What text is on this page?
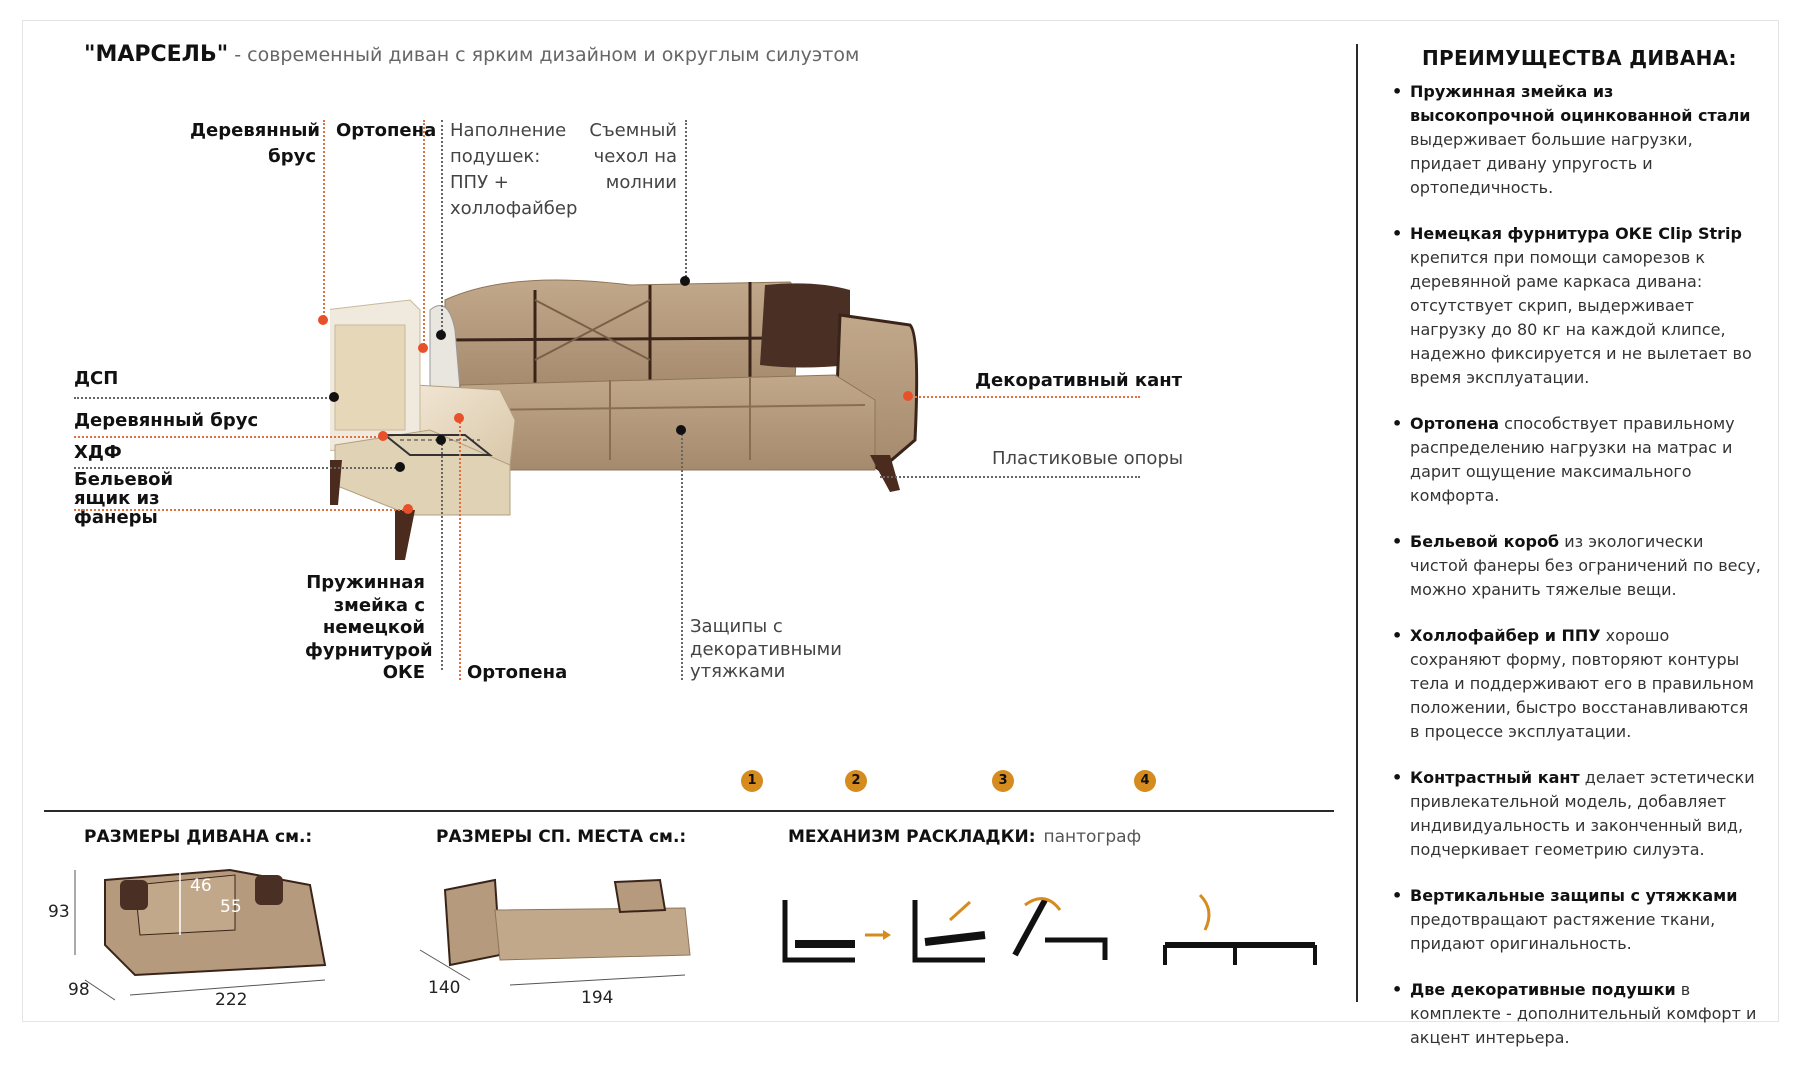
"МАРСЕЛЬ" - современный диван с ярким дизайном и округлым силуэтом
Деревянный брус
Ортопена Наполнение подушек: ППУ + холлофайбер
Съемный чехол на молнии
ДСП
Деревянный брус
ХДФ
Бельевой ящик из фанеры
Декоративный кант
Пластиковые опоры
Пружинная змейка с немецкой фурнитурой ОКЕ Ортопена
Защипы с декоративными утяжками
ПРЕИМУЩЕСТВА ДИВАНА:
• Пружинная змейка из высокопрочной оцинкованной стали выдерживает большие нагрузки, придает дивану упругость и ортопедичность.
• Немецкая фурнитура ОКЕ Clip Strip крепится при помощи саморезов к деревянной раме каркаса дивана: отсутствует скрип, выдерживает нагрузку до 80 кг на каждой клипсе, надежно фиксируется и не вылетает во время эксплуатации.
• Ортопена способствует правильному распределению нагрузки на матрас и дарит ощущение максимального комфорта.
• Бельевой короб из экологически чистой фанеры без ограничений по весу, можно хранить тяжелые вещи.
• Холлофайбер и ППУ хорошо сохраняют форму, повторяют контуры тела и поддерживают его в правильном положении, быстро восстанавливаются в процессе эксплуатации.
• Контрастный кант делает эстетически привлекательной модель, добавляет индивидуальность и законченный вид, подчеркивает геометрию силуэта.
• Вертикальные защипы с утяжками предотвращают растяжение ткани, придают оригинальность.
• Две декоративные подушки в комплекте - дополнительный комфорт и акцент интерьера.
РАЗМЕРЫ ДИВАНА см.:	РАЗМЕРЫ СП. МЕСТА см.:	МЕХАНИЗМ РАСКЛАДКИ: пантограф
93
98	222
46
55
140	194
1	2	3	4
